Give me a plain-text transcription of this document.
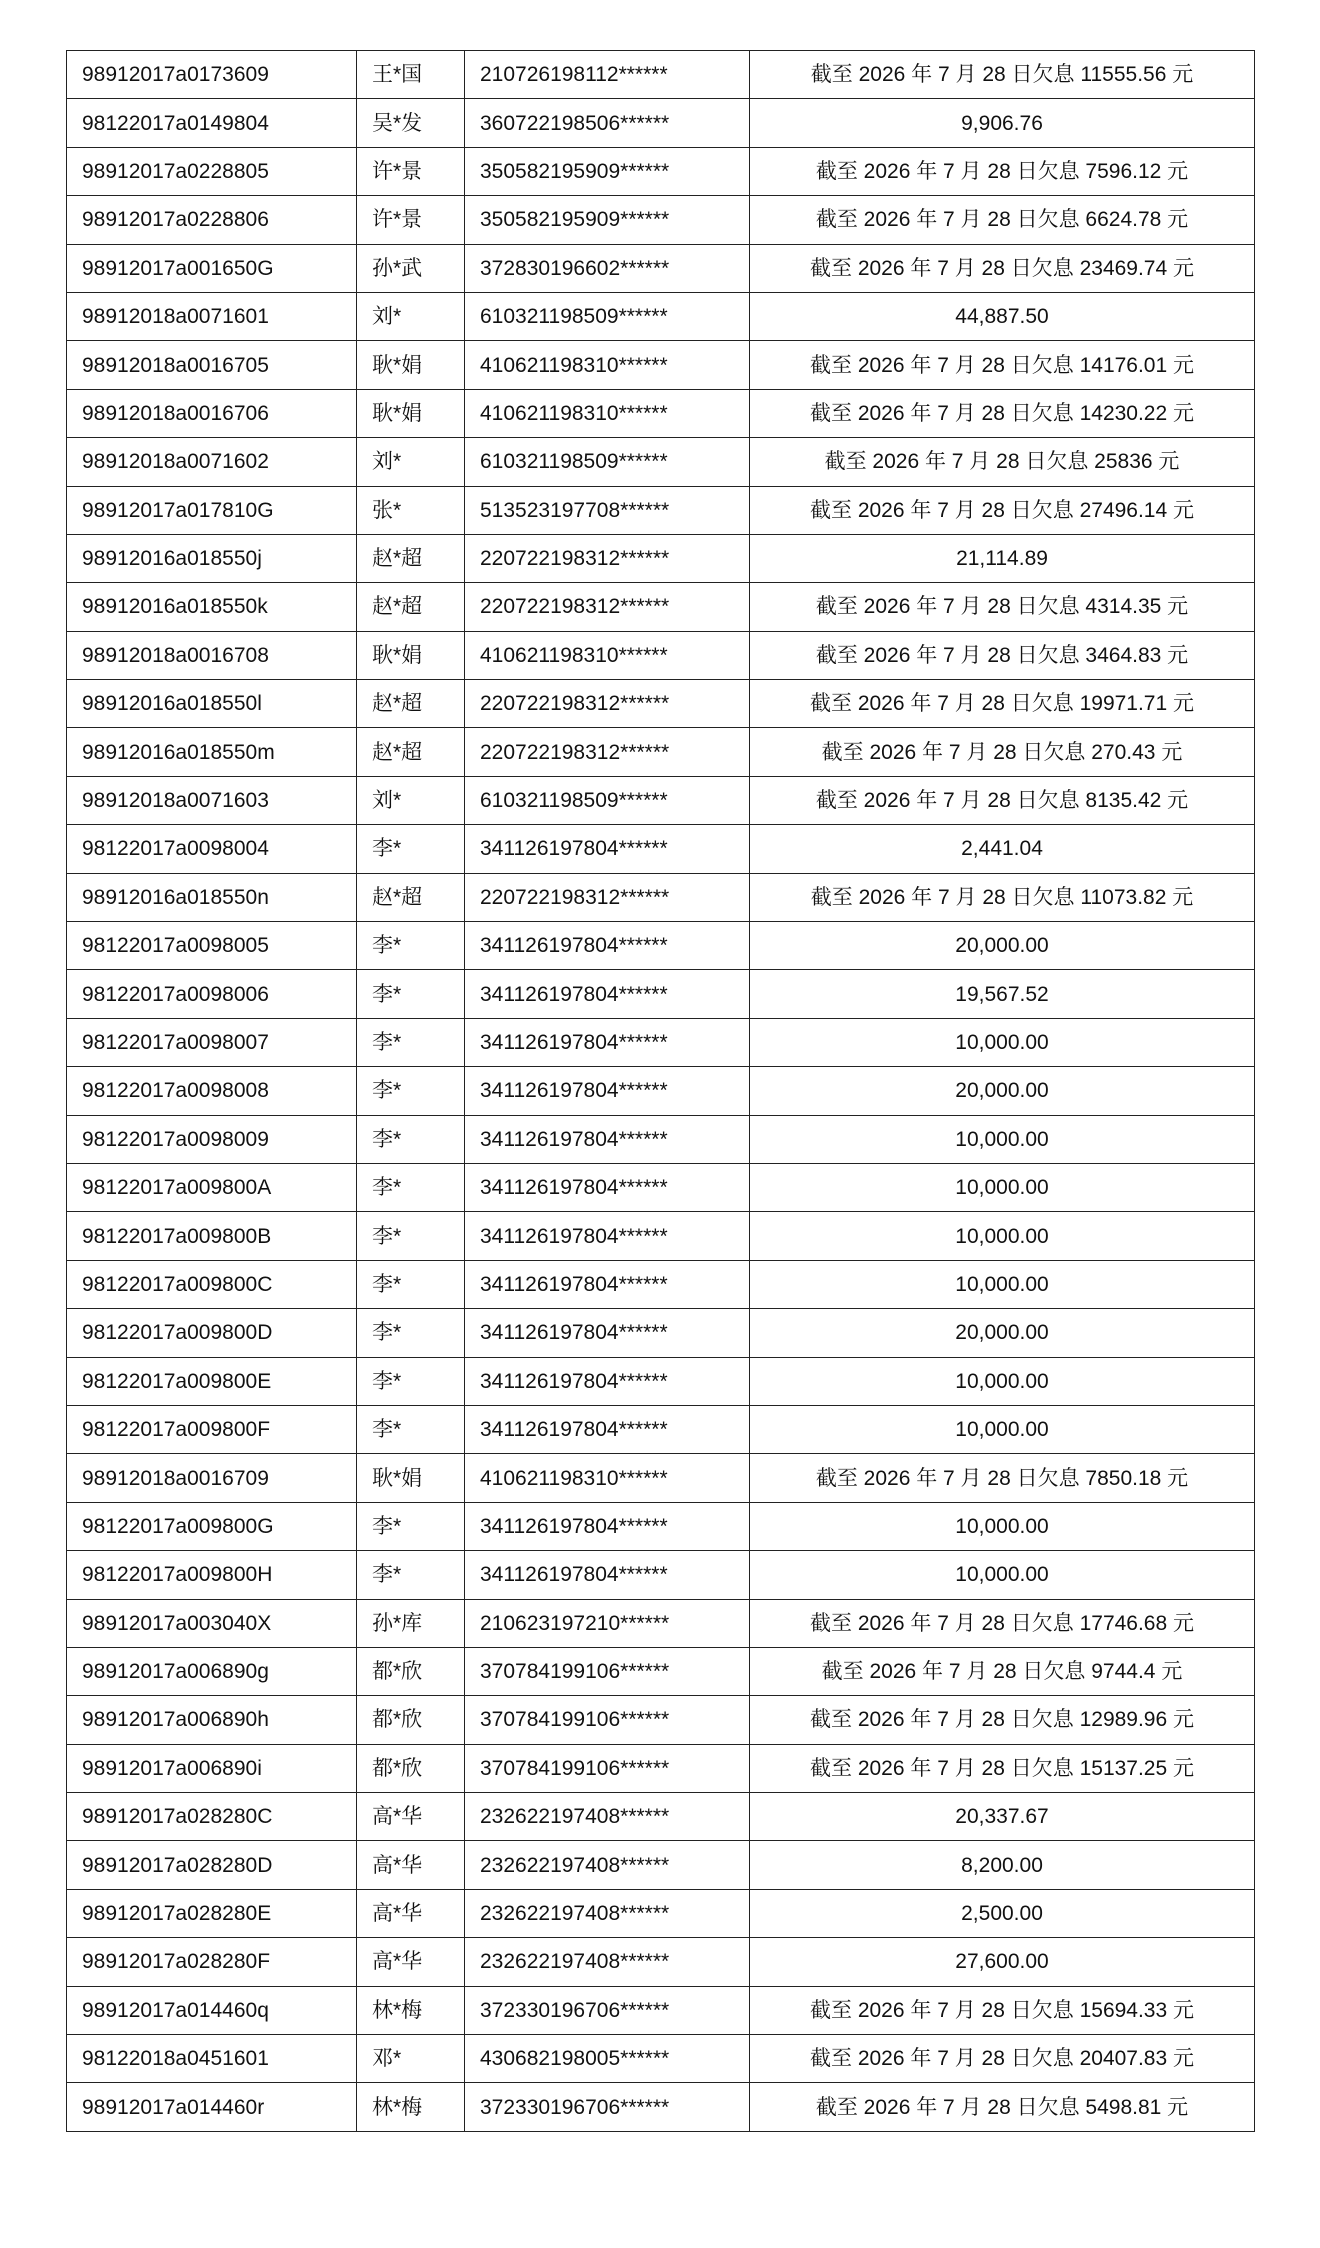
98912017a0173609	王*国	210726198112******	截至 2026 年 7 月 28 日欠息 11555.56 元
98122017a0149804	吴*发	360722198506******	9,906.76
98912017a0228805	许*景	350582195909******	截至 2026 年 7 月 28 日欠息 7596.12 元
98912017a0228806	许*景	350582195909******	截至 2026 年 7 月 28 日欠息 6624.78 元
98912017a001650G	孙*武	372830196602******	截至 2026 年 7 月 28 日欠息 23469.74 元
98912018a0071601	刘*	610321198509******	44,887.50
98912018a0016705	耿*娟	410621198310******	截至 2026 年 7 月 28 日欠息 14176.01 元
98912018a0016706	耿*娟	410621198310******	截至 2026 年 7 月 28 日欠息 14230.22 元
98912018a0071602	刘*	610321198509******	截至 2026 年 7 月 28 日欠息 25836 元
98912017a017810G	张*	513523197708******	截至 2026 年 7 月 28 日欠息 27496.14 元
98912016a018550j	赵*超	220722198312******	21,114.89
98912016a018550k	赵*超	220722198312******	截至 2026 年 7 月 28 日欠息 4314.35 元
98912018a0016708	耿*娟	410621198310******	截至 2026 年 7 月 28 日欠息 3464.83 元
98912016a018550l	赵*超	220722198312******	截至 2026 年 7 月 28 日欠息 19971.71 元
98912016a018550m	赵*超	220722198312******	截至 2026 年 7 月 28 日欠息 270.43 元
98912018a0071603	刘*	610321198509******	截至 2026 年 7 月 28 日欠息 8135.42 元
98122017a0098004	李*	341126197804******	2,441.04
98912016a018550n	赵*超	220722198312******	截至 2026 年 7 月 28 日欠息 11073.82 元
98122017a0098005	李*	341126197804******	20,000.00
98122017a0098006	李*	341126197804******	19,567.52
98122017a0098007	李*	341126197804******	10,000.00
98122017a0098008	李*	341126197804******	20,000.00
98122017a0098009	李*	341126197804******	10,000.00
98122017a009800A	李*	341126197804******	10,000.00
98122017a009800B	李*	341126197804******	10,000.00
98122017a009800C	李*	341126197804******	10,000.00
98122017a009800D	李*	341126197804******	20,000.00
98122017a009800E	李*	341126197804******	10,000.00
98122017a009800F	李*	341126197804******	10,000.00
98912018a0016709	耿*娟	410621198310******	截至 2026 年 7 月 28 日欠息 7850.18 元
98122017a009800G	李*	341126197804******	10,000.00
98122017a009800H	李*	341126197804******	10,000.00
98912017a003040X	孙*库	210623197210******	截至 2026 年 7 月 28 日欠息 17746.68 元
98912017a006890g	都*欣	370784199106******	截至 2026 年 7 月 28 日欠息 9744.4 元
98912017a006890h	都*欣	370784199106******	截至 2026 年 7 月 28 日欠息 12989.96 元
98912017a006890i	都*欣	370784199106******	截至 2026 年 7 月 28 日欠息 15137.25 元
98912017a028280C	高*华	232622197408******	20,337.67
98912017a028280D	高*华	232622197408******	8,200.00
98912017a028280E	高*华	232622197408******	2,500.00
98912017a028280F	高*华	232622197408******	27,600.00
98912017a014460q	林*梅	372330196706******	截至 2026 年 7 月 28 日欠息 15694.33 元
98122018a0451601	邓*	430682198005******	截至 2026 年 7 月 28 日欠息 20407.83 元
98912017a014460r	林*梅	372330196706******	截至 2026 年 7 月 28 日欠息 5498.81 元
